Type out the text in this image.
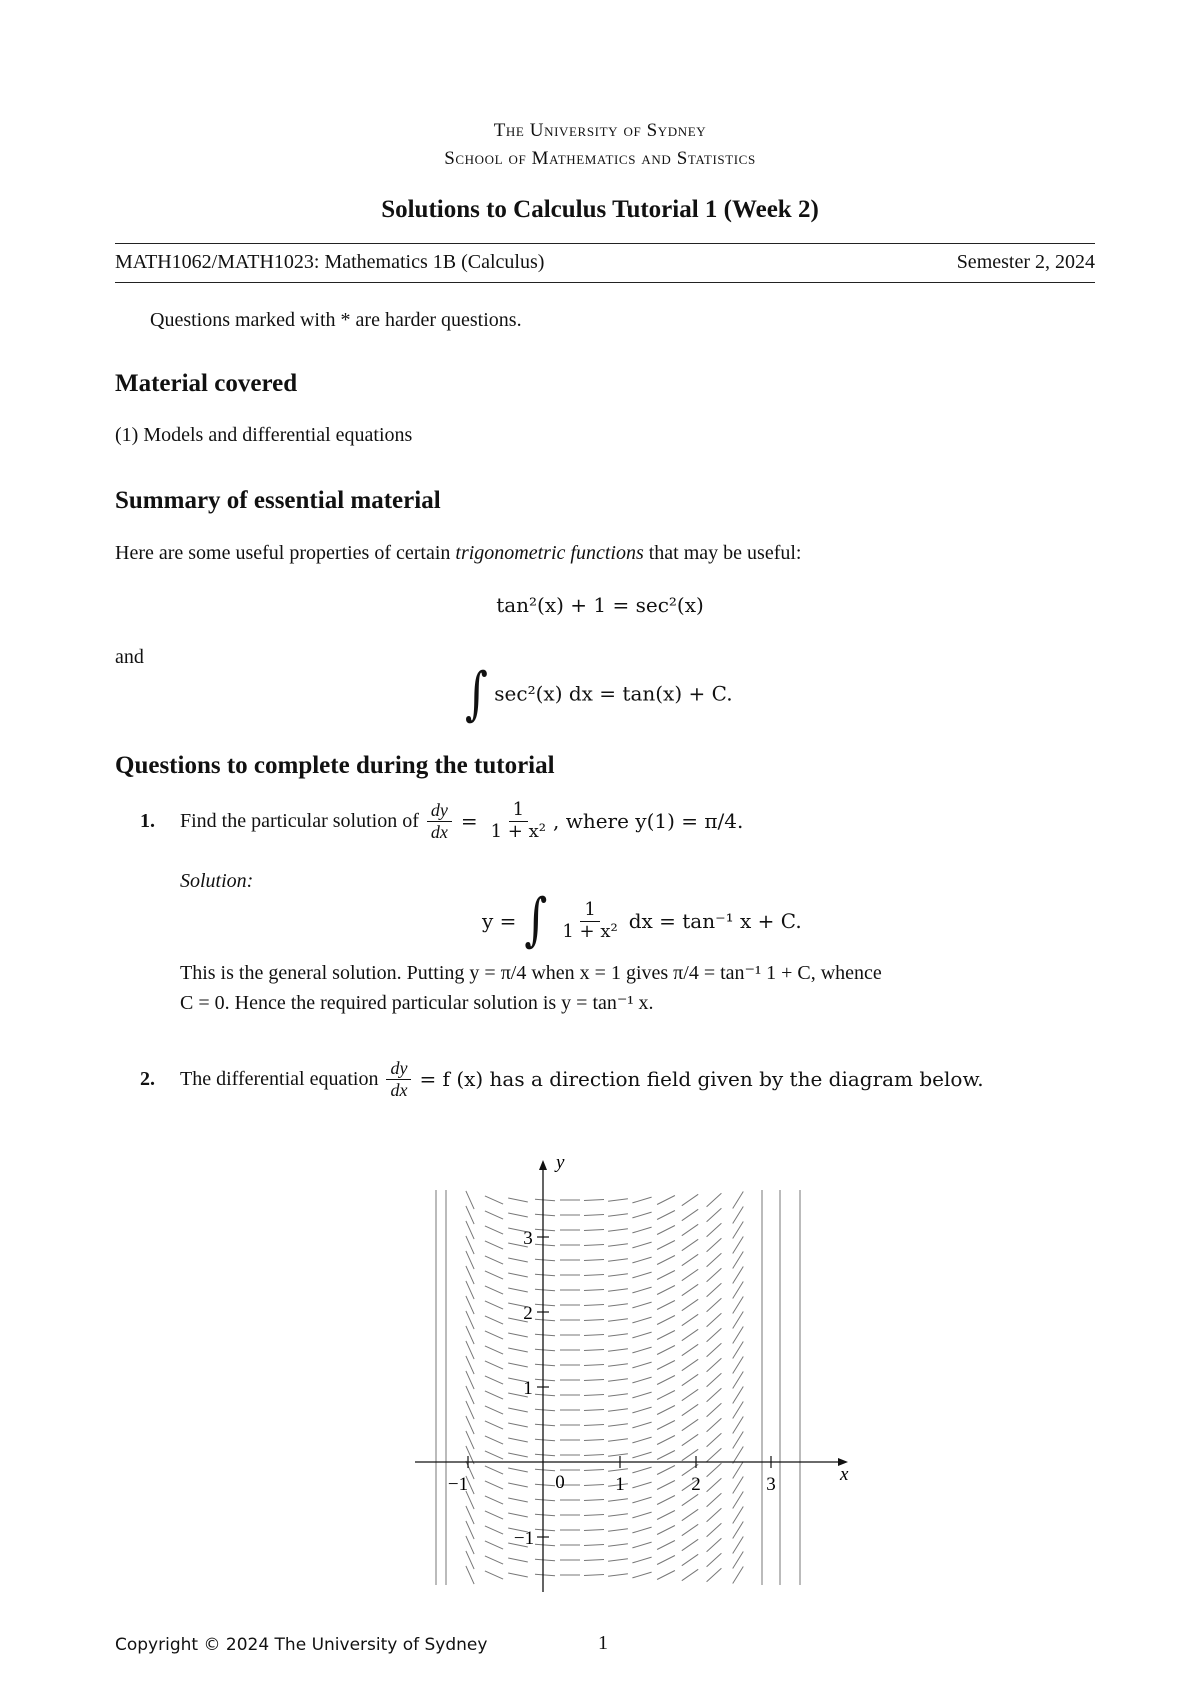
The University of Sydney
School of Mathematics and Statistics
Solutions to Calculus Tutorial 1 (Week 2)
MATH1062/MATH1023: Mathematics 1B (Calculus)	Semester 2, 2024
Questions marked with * are harder questions.
Material covered
(1) Models and differential equations
Summary of essential material
Here are some useful properties of certain trigonometric functions that may be useful:
tan²(x) + 1 = sec²(x)
and
∫ sec²(x) dx = tan(x) + C.
Questions to complete during the tutorial
1.	Find the particular solution of $\frac{dy}{dx} = \frac{1}{\text{1 + x²}}$ , where y(1) = π/4.
Solution:
y = ∫ $\frac{1}{\text{1 + x²}}$ dx = tan⁻¹ x + C.
This is the general solution. Putting y = π/4 when x = 1 gives π/4 = tan⁻¹ 1 + C, whence
C = 0. Hence the required particular solution is y = tan⁻¹ x.
2.	The differential equation $\frac{dy}{dx} = f$ (x) has a direction field given by the diagram below.
x
y
−1	0	1	2	3
3
2
1
−1
Copyright © 2024 The University of Sydney	1
